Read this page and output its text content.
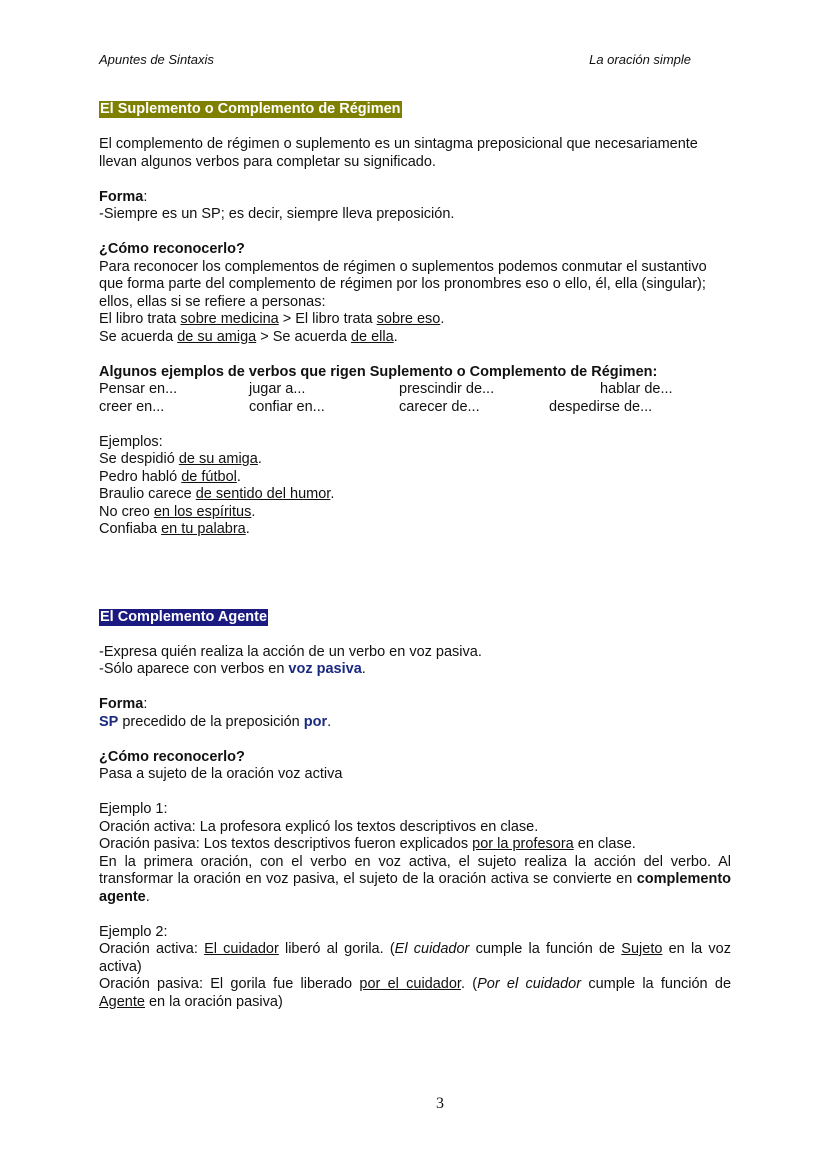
Apuntes de Sintaxis	La oración simple

El Suplemento o Complemento de Régimen

El complemento de régimen o suplemento es un sintagma preposicional que necesariamente llevan algunos verbos para completar su significado.

Forma:

-Siempre es un SP; es decir, siempre lleva preposición.

¿Cómo reconocerlo?

Para reconocer los complementos de régimen o suplementos podemos conmutar el sustantivo que forma parte del complemento de régimen por los pronombres eso o ello, él, ella (singular); ellos, ellas si se refiere a personas:

El libro trata sobre medicina > El libro trata sobre eso.

Se acuerda de su amiga > Se acuerda de ella.

Algunos ejemplos de verbos que rigen Suplemento o Complemento de Régimen:

Pensar en...	jugar a...	prescindir de...	hablar de...
creer en...	confiar en...	carecer de...	despedirse de...

Ejemplos:

Se despidió de su amiga.

Pedro habló de fútbol.

Braulio carece de sentido del humor.

No creo en los espíritus.

Confiaba en tu palabra.

El Complemento Agente

-Expresa quién realiza la acción de un verbo en voz pasiva.

-Sólo aparece con verbos en voz pasiva.

Forma:

SP precedido de la preposición por.

¿Cómo reconocerlo?

Pasa a sujeto de la oración voz activa

Ejemplo 1:

Oración activa: La profesora explicó los textos descriptivos en clase.

Oración pasiva: Los textos descriptivos fueron explicados por la profesora en clase.

En la primera oración, con el verbo en voz activa, el sujeto realiza la acción del verbo. Al transformar la oración en voz pasiva, el sujeto de la oración activa se convierte en complemento agente.

Ejemplo 2:

Oración activa: El cuidador liberó al gorila. (El cuidador cumple la función de Sujeto en la voz activa)

Oración pasiva: El gorila fue liberado por el cuidador. (Por el cuidador cumple la función de Agente en la oración pasiva)

3
